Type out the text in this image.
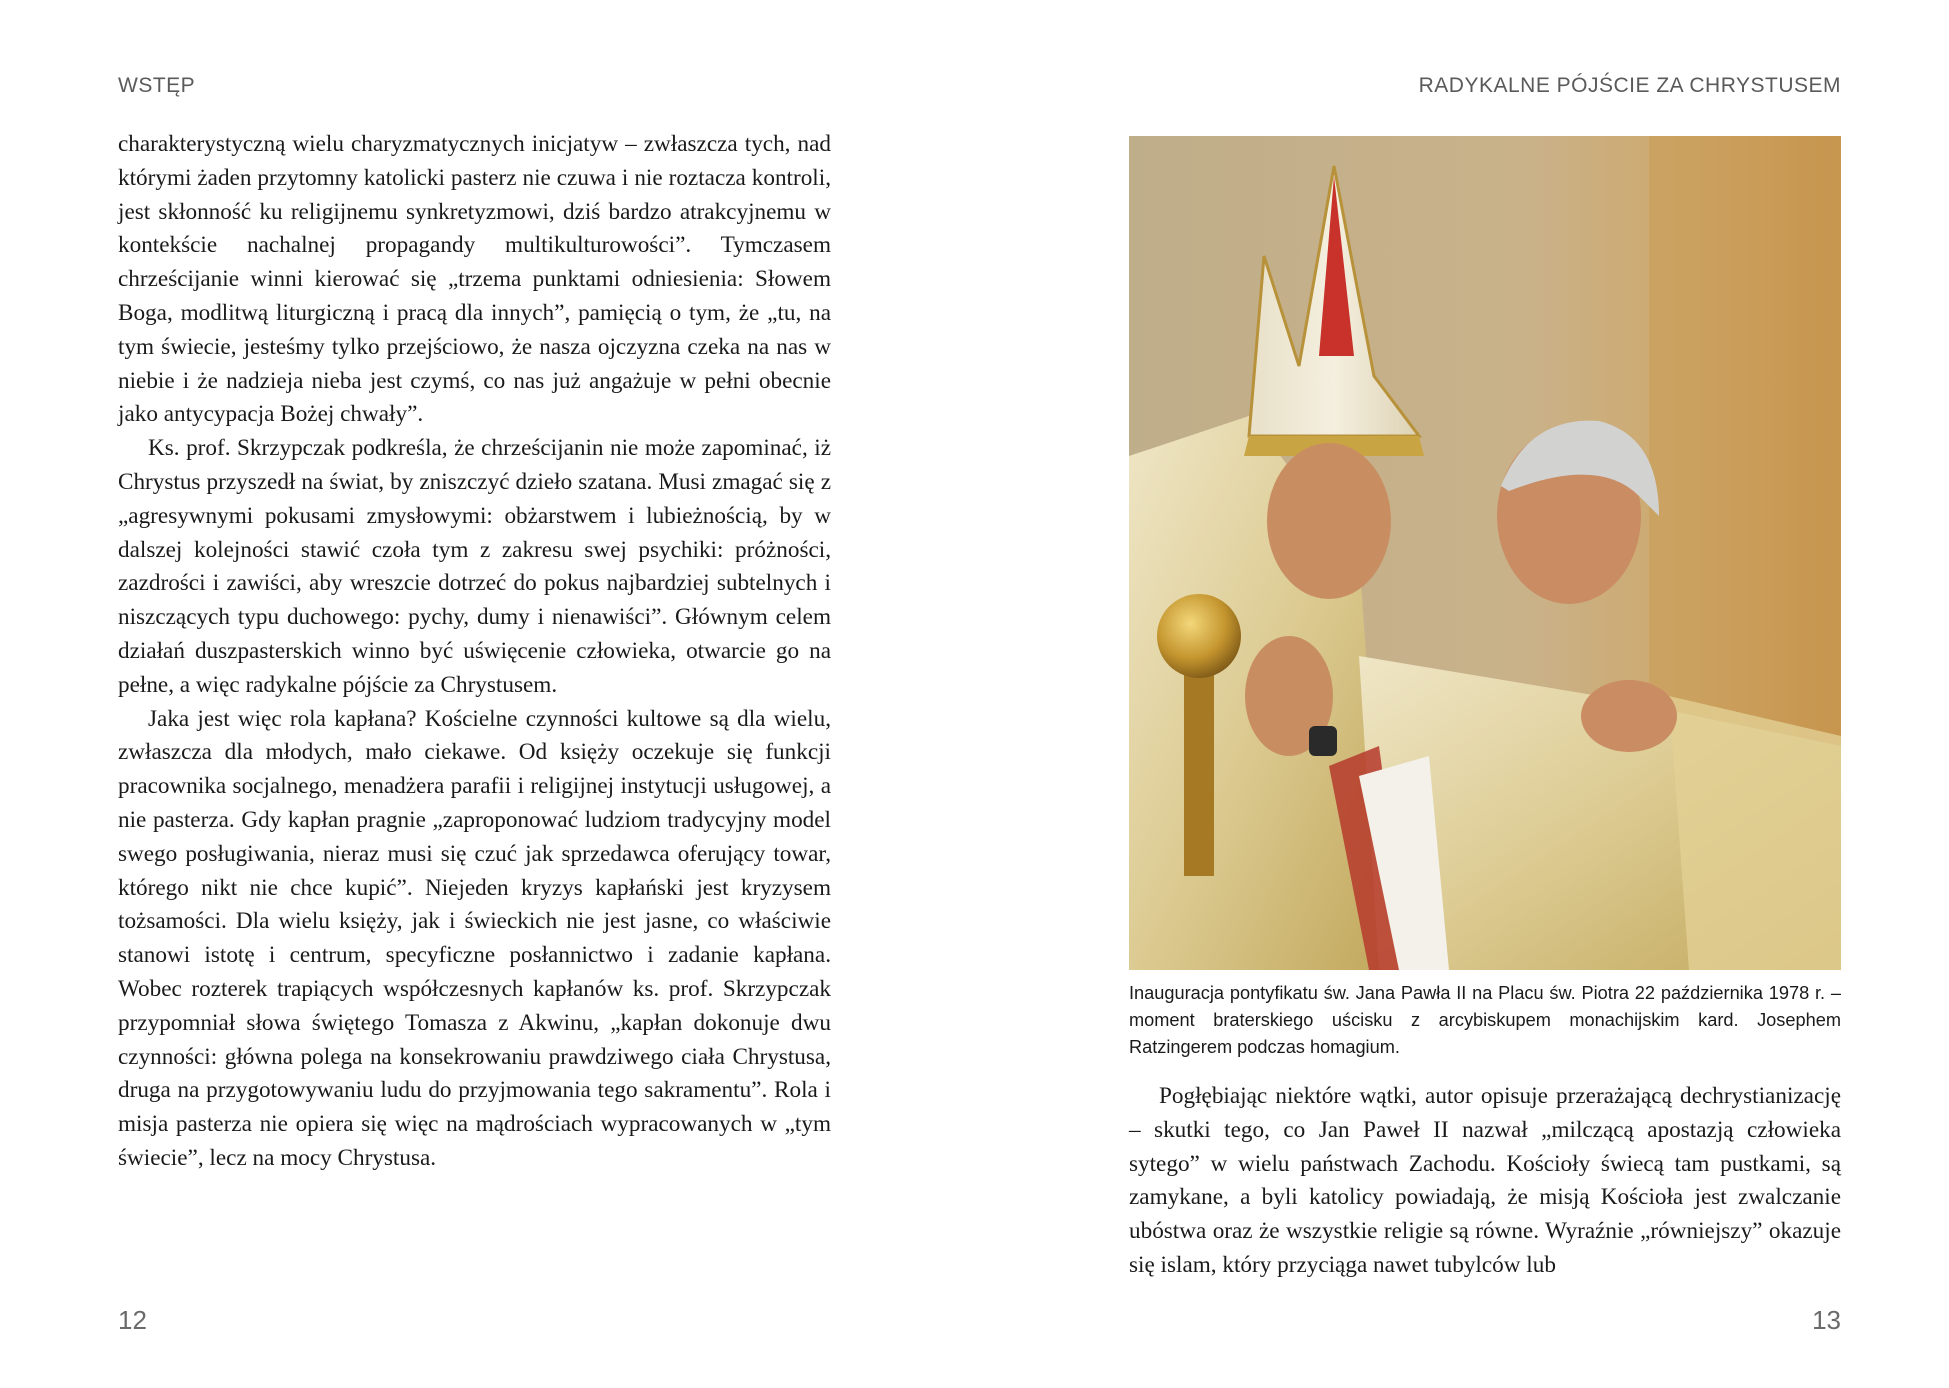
WSTĘP

charakterystyczną wielu charyzmatycznych inicjatyw – zwłaszcza tych, nad którymi żaden przytomny katolicki pasterz nie czuwa i nie roztacza kontroli, jest skłonność ku religijnemu synkretyzmowi, dziś bardzo atrakcyjnemu w kontekście nachalnej propagandy multikulturowości”. Tymczasem chrześcijanie winni kierować się „trzema punktami odniesienia: Słowem Boga, modlitwą liturgiczną i pracą dla innych”, pamięcią o tym, że „tu, na tym świecie, jesteśmy tylko przejściowo, że nasza ojczyzna czeka na nas w niebie i że nadzieja nieba jest czymś, co nas już angażuje w pełni obecnie jako antycypacja Bożej chwały”.

Ks. prof. Skrzypczak podkreśla, że chrześcijanin nie może zapominać, iż Chrystus przyszedł na świat, by zniszczyć dzieło szatana. Musi zmagać się z „agresywnymi pokusami zmysłowymi: obżarstwem i lubieżnością, by w dalszej kolejności stawić czoła tym z zakresu swej psychiki: próżności, zazdrości i zawiści, aby wreszcie dotrzeć do pokus najbardziej subtelnych i niszczących typu duchowego: pychy, dumy i nienawiści”. Głównym celem działań duszpasterskich winno być uświęcenie człowieka, otwarcie go na pełne, a więc radykalne pójście za Chrystusem.

Jaka jest więc rola kapłana? Kościelne czynności kultowe są dla wielu, zwłaszcza dla młodych, mało ciekawe. Od księży oczekuje się funkcji pracownika socjalnego, menadżera parafii i religijnej instytucji usługowej, a nie pasterza. Gdy kapłan pragnie „zaproponować ludziom tradycyjny model swego posługiwania, nieraz musi się czuć jak sprzedawca oferujący towar, którego nikt nie chce kupić”. Niejeden kryzys kapłański jest kryzysem tożsamości. Dla wielu księży, jak i świeckich nie jest jasne, co właściwie stanowi istotę i centrum, specyficzne posłannictwo i zadanie kapłana. Wobec rozterek trapiących współczesnych kapłanów ks. prof. Skrzypczak przypomniał słowa świętego Tomasza z Akwinu, „kapłan dokonuje dwu czynności: główna polega na konsekrowaniu prawdziwego ciała Chrystusa, druga na przygotowywaniu ludu do przyjmowania tego sakramentu”. Rola i misja pasterza nie opiera się więc na mądrościach wypracowanych w „tym świecie”, lecz na mocy Chrystusa.

12
RADYKALNE PÓJŚCIE ZA CHRYSTUSEM
Inauguracja pontyfikatu św. Jana Pawła II na Placu św. Piotra 22 października 1978 r. – moment braterskiego uścisku z arcybiskupem monachijskim kard. Josephem Ratzingerem podczas homagium.

Pogłębiając niektóre wątki, autor opisuje przerażającą dechrystianizację – skutki tego, co Jan Paweł II nazwał „milczącą apostazją człowieka sytego” w wielu państwach Zachodu. Kościoły świecą tam pustkami, są zamykane, a byli katolicy powiadają, że misją Kościoła jest zwalczanie ubóstwa oraz że wszystkie religie są równe. Wyraźnie „równiejszy” okazuje się islam, który przyciąga nawet tubylców lub

13
